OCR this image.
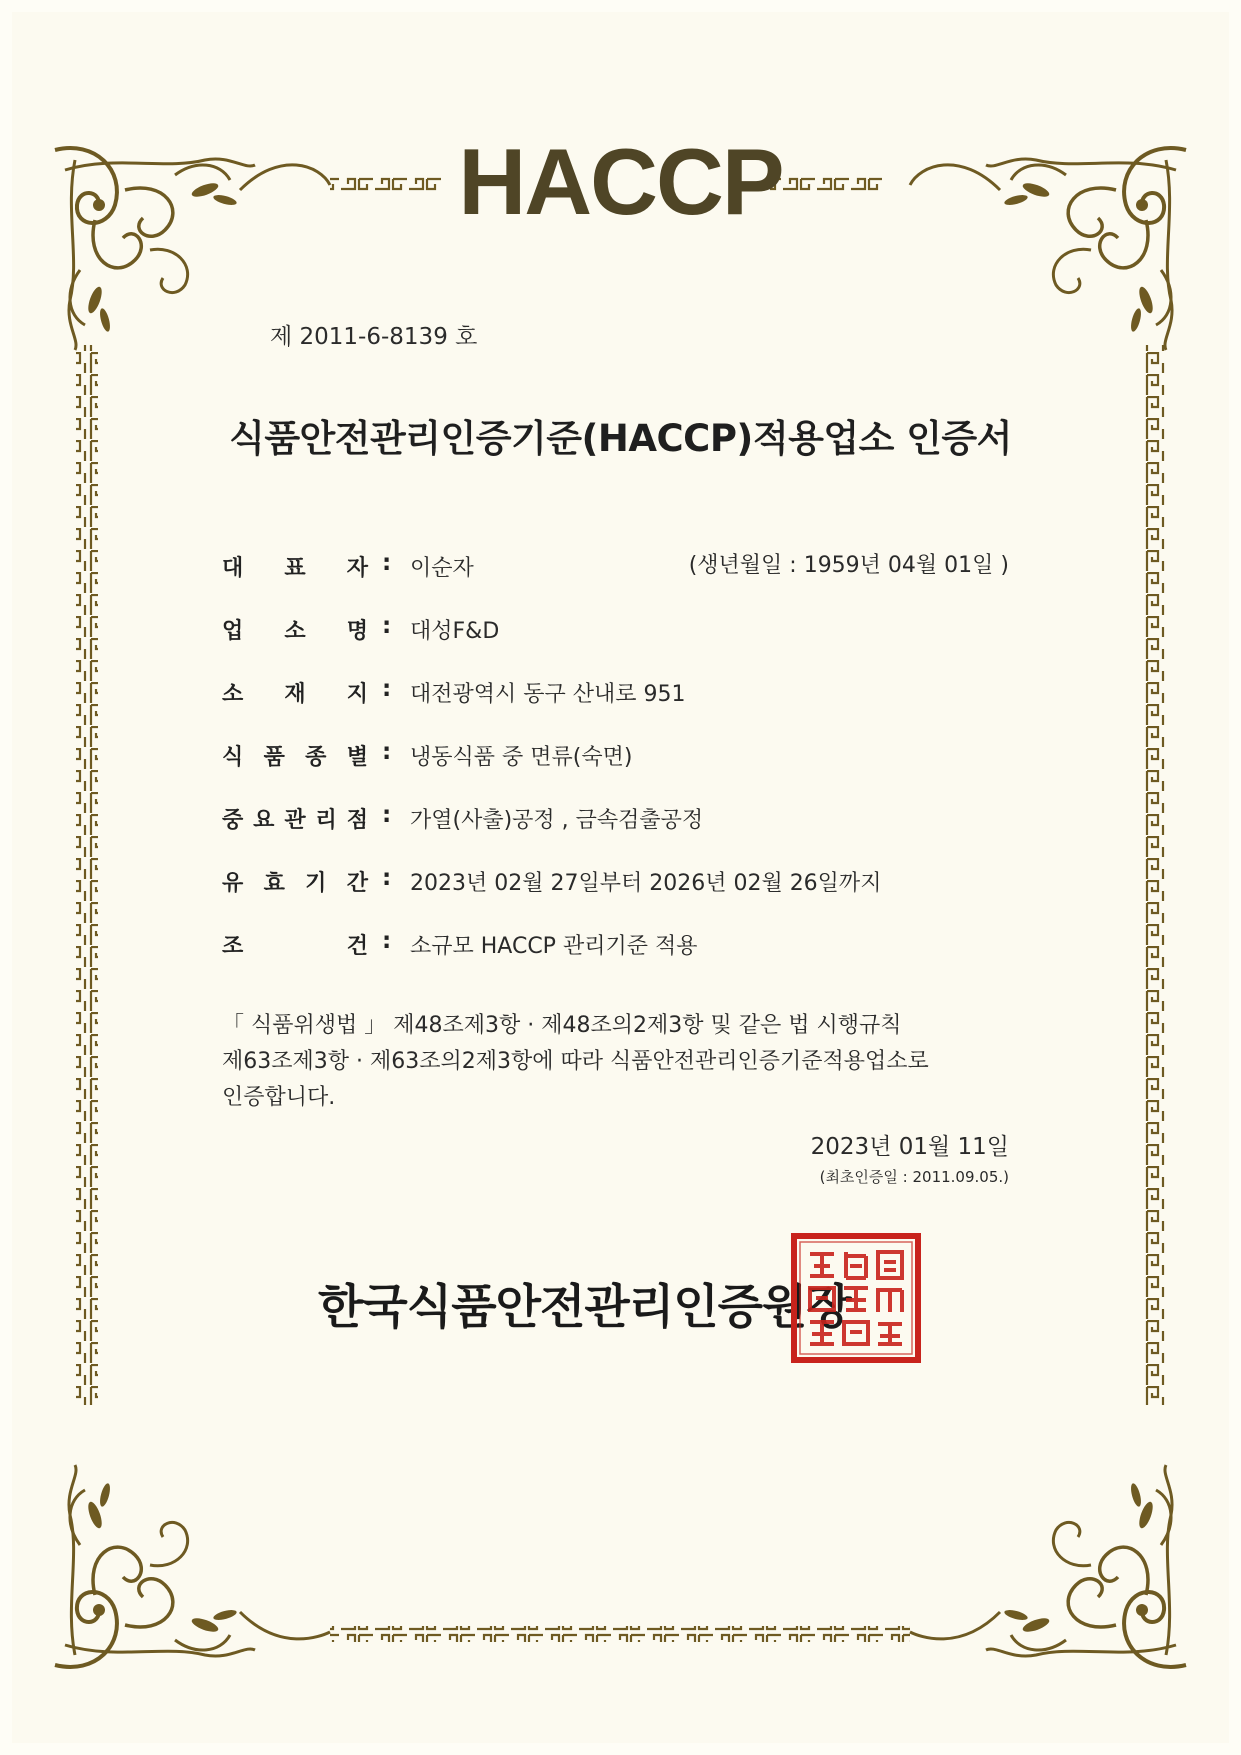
HACCP
제 2011-6-8139 호
식품안전관리인증기준(HACCP)적용업소 인증서
(생년월일 : 1959년 04월 01일 )
대 표 자 : 이순자
업 소 명 : 대성F&D
소 재 지 : 대전광역시 동구 산내로 951
식 품 종 별 : 냉동식품 중 면류(숙면)
중 요 관 리 점 : 가열(사출)공정 , 금속검출공정
유 효 기 간 : 2023년 02월 27일부터 2026년 02월 26일까지
조	건 : 소규모 HACCP 관리기준 적용
「 식품위생법 」 제48조제3항 · 제48조의2제3항 및 같은 법 시행규칙
제63조제3항 · 제63조의2제3항에 따라 식품안전관리인증기준적용업소로
인증합니다.
2023년 01월 11일
(최초인증일 : 2011.09.05.)
한국식품안전관리인증원장
